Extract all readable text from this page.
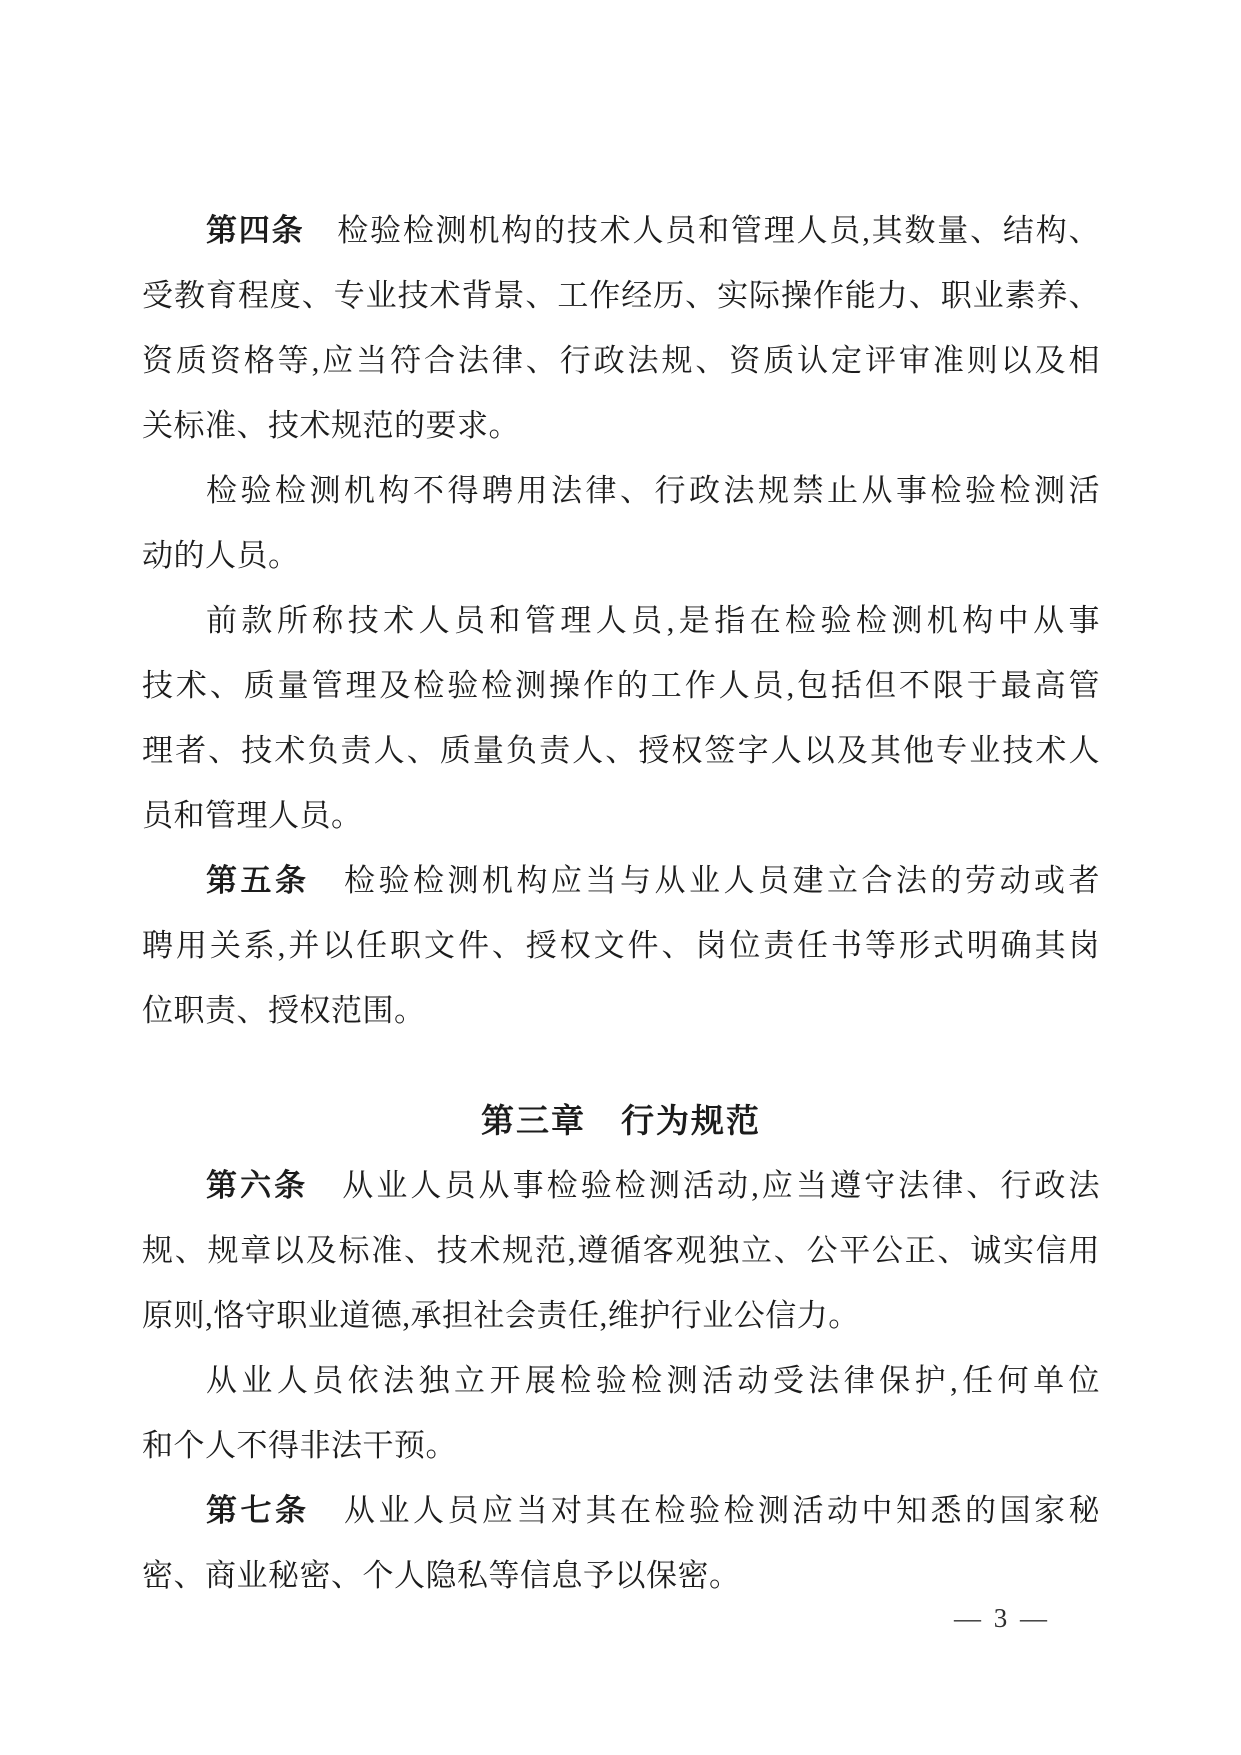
第四条　检验检测机构的技术人员和管理人员,其数量、结构、
受教育程度、专业技术背景、工作经历、实际操作能力、职业素养、
资质资格等,应当符合法律、行政法规、资质认定评审准则以及相
关标准、技术规范的要求。
检验检测机构不得聘用法律、行政法规禁止从事检验检测活
动的人员。
前款所称技术人员和管理人员,是指在检验检测机构中从事
技术、质量管理及检验检测操作的工作人员,包括但不限于最高管
理者、技术负责人、质量负责人、授权签字人以及其他专业技术人
员和管理人员。
第五条　检验检测机构应当与从业人员建立合法的劳动或者
聘用关系,并以任职文件、授权文件、岗位责任书等形式明确其岗
位职责、授权范围。
第三章　行为规范
第六条　从业人员从事检验检测活动,应当遵守法律、行政法
规、规章以及标准、技术规范,遵循客观独立、公平公正、诚实信用
原则,恪守职业道德,承担社会责任,维护行业公信力。
从业人员依法独立开展检验检测活动受法律保护,任何单位
和个人不得非法干预。
第七条　从业人员应当对其在检验检测活动中知悉的国家秘
密、商业秘密、个人隐私等信息予以保密。
— 3 —
